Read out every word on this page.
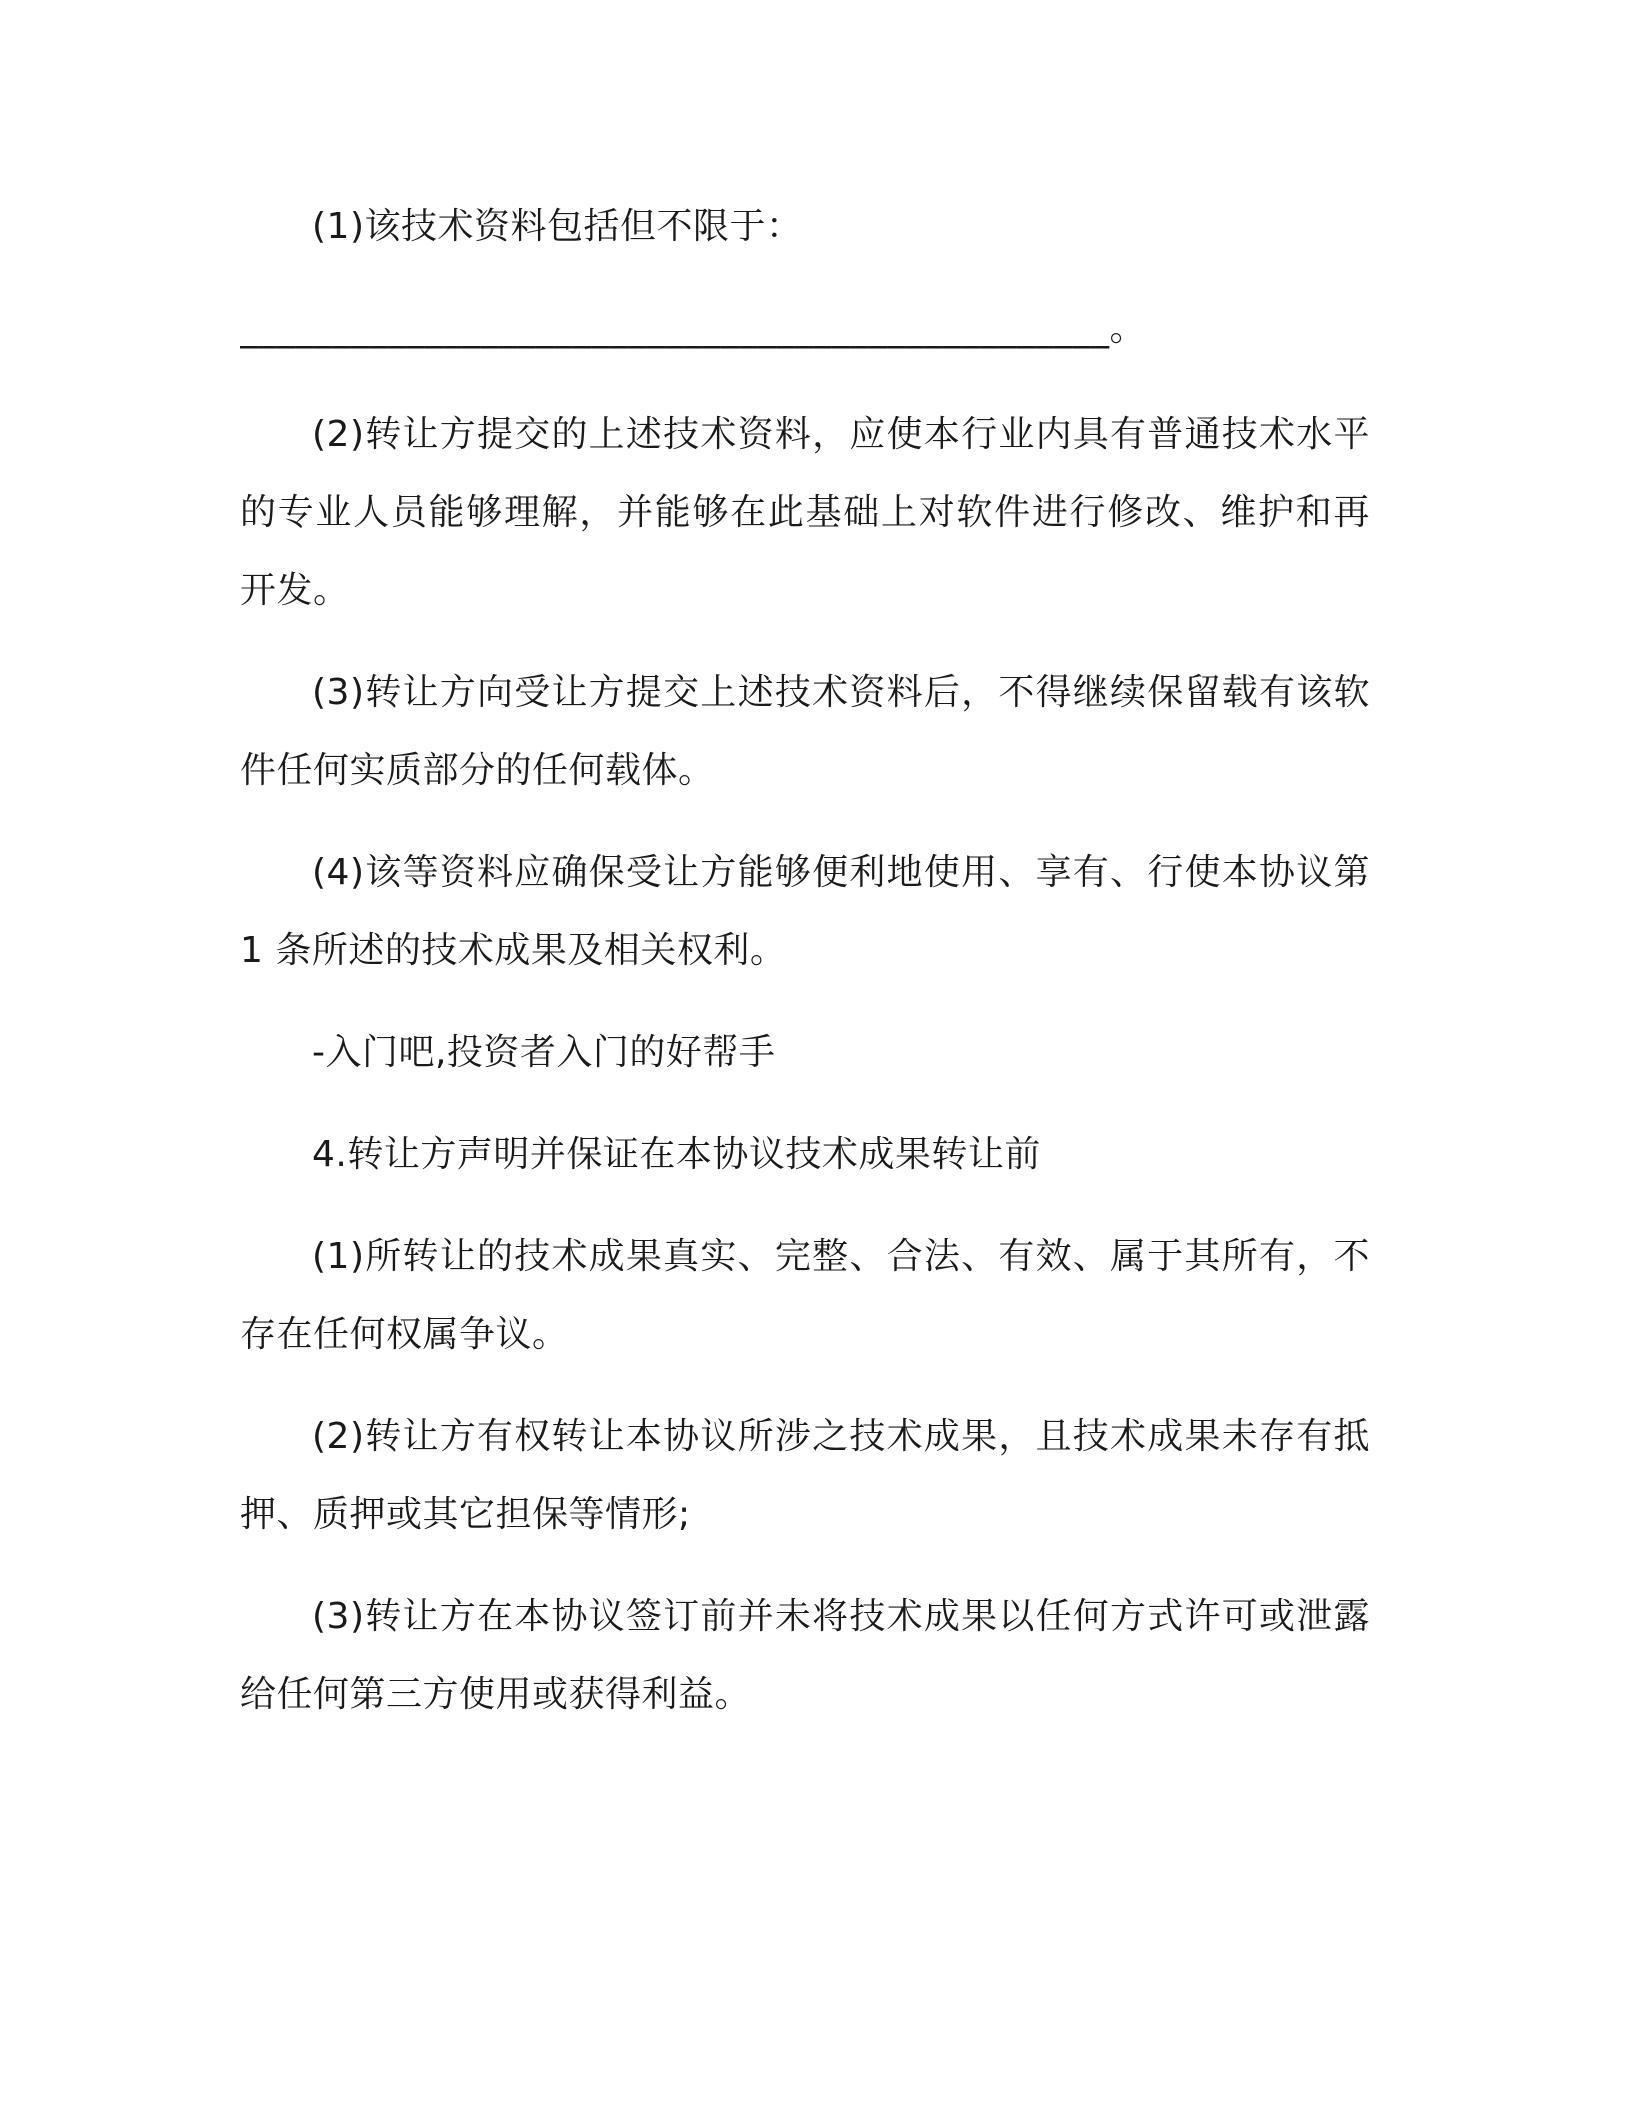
(1)该技术资料包括但不限于：

_______________________________________________。

(2)转让方提交的上述技术资料，应使本行业内具有普通技术水平的专业人员能够理解，并能够在此基础上对软件进行修改、维护和再开发。

(3)转让方向受让方提交上述技术资料后，不得继续保留载有该软件任何实质部分的任何载体。

(4)该等资料应确保受让方能够便利地使用、享有、行使本协议第 1 条所述的技术成果及相关权利。

-入门吧,投资者入门的好帮手

4.转让方声明并保证在本协议技术成果转让前

(1)所转让的技术成果真实、完整、合法、有效、属于其所有，不存在任何权属争议。

(2)转让方有权转让本协议所涉之技术成果，且技术成果未存有抵押、质押或其它担保等情形;

(3)转让方在本协议签订前并未将技术成果以任何方式许可或泄露给任何第三方使用或获得利益。
